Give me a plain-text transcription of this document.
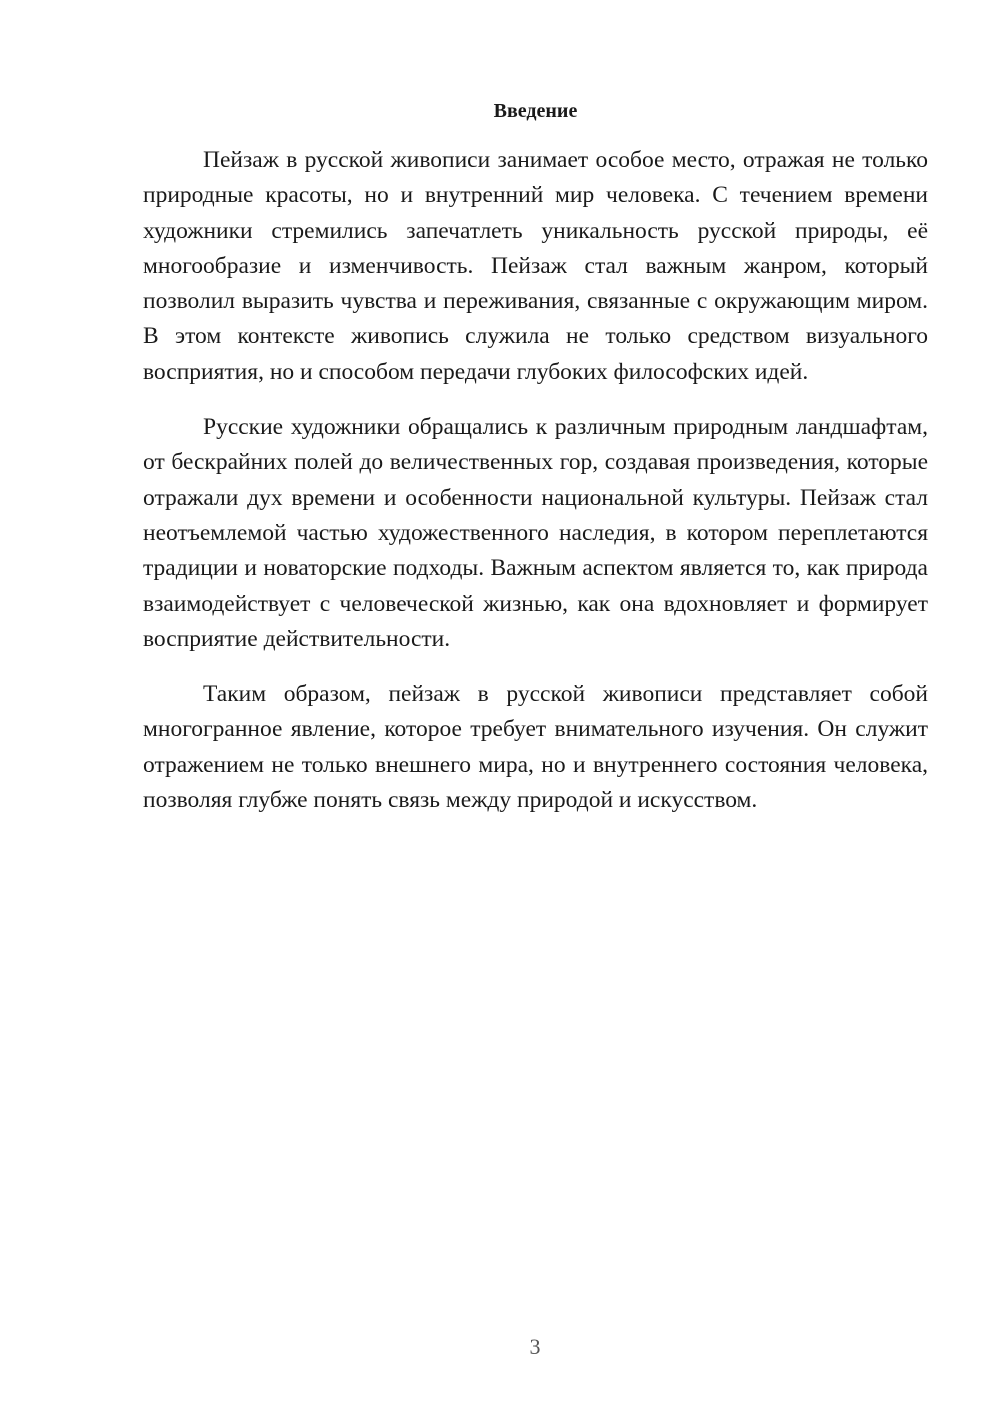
Введение

Пейзаж в русской живописи занимает особое место, отражая не только природные красоты, но и внутренний мир человека. С течением времени художники стремились запечатлеть уникальность русской природы, её многообразие и изменчивость. Пейзаж стал важным жанром, который позволил выразить чувства и переживания, связанные с окружающим миром. В этом контексте живопись служила не только средством визуального восприятия, но и способом передачи глубоких философских идей.

Русские художники обращались к различным природным ландшафтам, от бескрайних полей до величественных гор, создавая произведения, которые отражали дух времени и особенности национальной культуры. Пейзаж стал неотъемлемой частью художественного наследия, в котором переплетаются традиции и новаторские подходы. Важным аспектом является то, как природа взаимодействует с человеческой жизнью, как она вдохновляет и формирует восприятие действительности.

Таким образом, пейзаж в русской живописи представляет собой многогранное явление, которое требует внимательного изучения. Он служит отражением не только внешнего мира, но и внутреннего состояния человека, позволяя глубже понять связь между природой и искусством.

3
